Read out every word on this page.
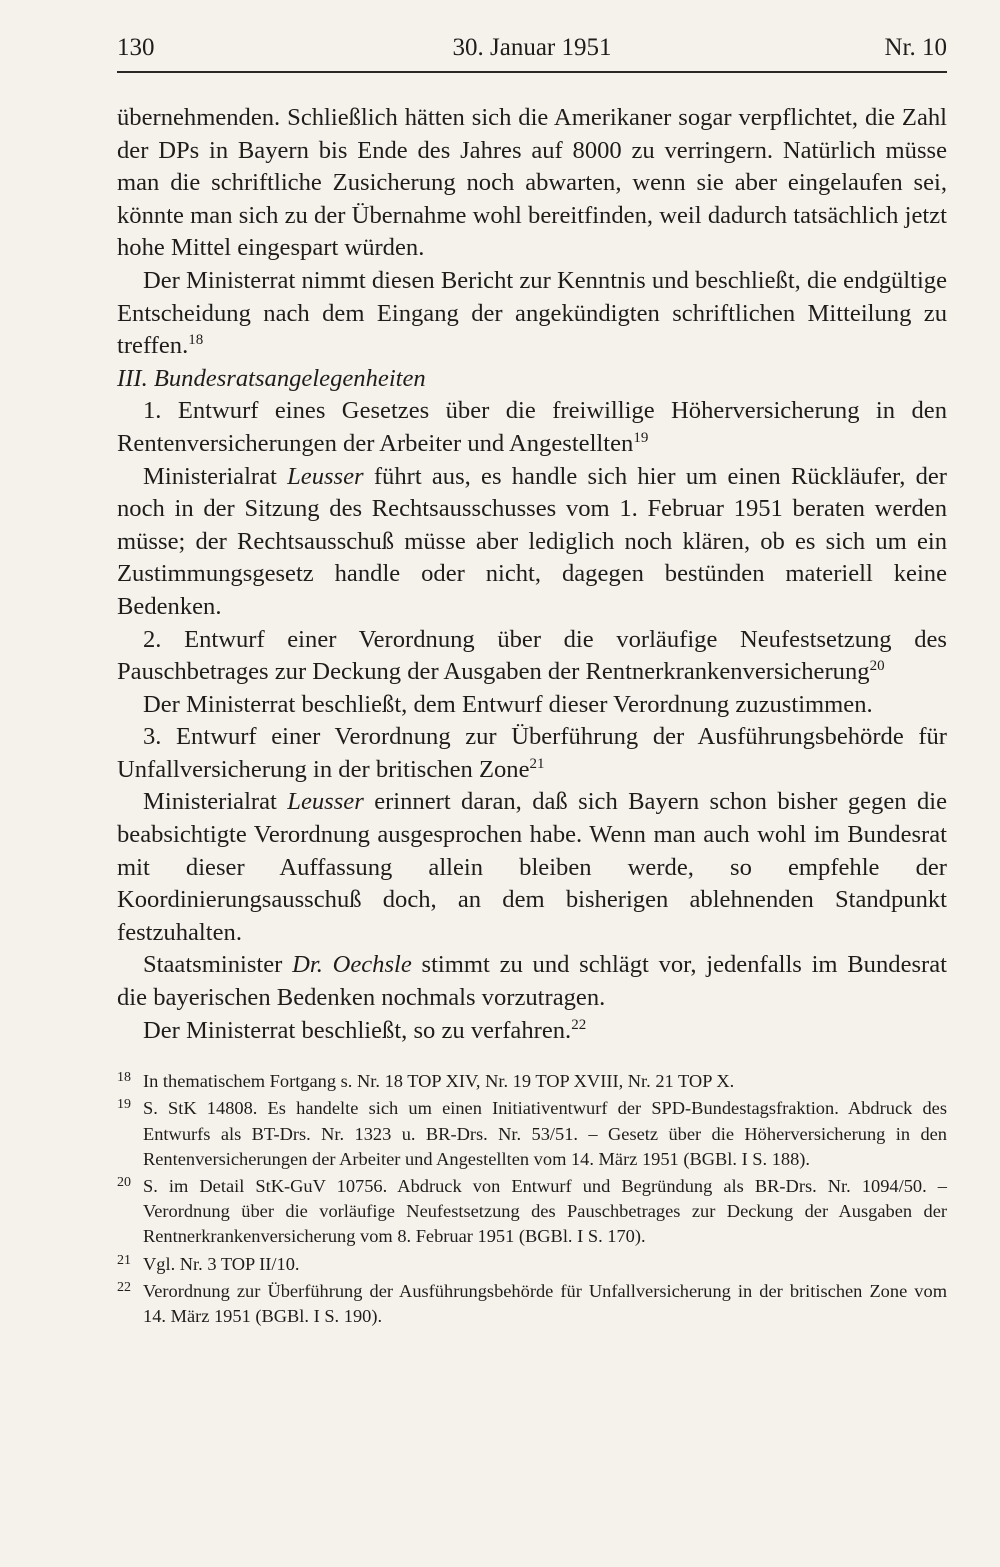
130	30. Januar 1951	Nr. 10

übernehmenden. Schließlich hätten sich die Amerikaner sogar verpflichtet, die Zahl der DPs in Bayern bis Ende des Jahres auf 8000 zu verringern. Natürlich müsse man die schriftliche Zusicherung noch abwarten, wenn sie aber eingelaufen sei, könnte man sich zu der Übernahme wohl bereitfinden, weil dadurch tatsächlich jetzt hohe Mittel eingespart würden.

Der Ministerrat nimmt diesen Bericht zur Kenntnis und beschließt, die endgültige Entscheidung nach dem Eingang der angekündigten schriftlichen Mitteilung zu treffen.$^{18}$

III. Bundesratsangelegenheiten

1. Entwurf eines Gesetzes über die freiwillige Höherversicherung in den Rentenversicherungen der Arbeiter und Angestellten$^{19}$

Ministerialrat Leusser führt aus, es handle sich hier um einen Rückläufer, der noch in der Sitzung des Rechtsausschusses vom 1. Februar 1951 beraten werden müsse; der Rechtsausschuß müsse aber lediglich noch klären, ob es sich um ein Zustimmungsgesetz handle oder nicht, dagegen bestünden materiell keine Bedenken.

2. Entwurf einer Verordnung über die vorläufige Neufestsetzung des Pauschbetrages zur Deckung der Ausgaben der Rentnerkrankenversicherung$^{20}$

Der Ministerrat beschließt, dem Entwurf dieser Verordnung zuzustimmen.

3. Entwurf einer Verordnung zur Überführung der Ausführungsbehörde für Unfallversicherung in der britischen Zone$^{21}$

Ministerialrat Leusser erinnert daran, daß sich Bayern schon bisher gegen die beabsichtigte Verordnung ausgesprochen habe. Wenn man auch wohl im Bundesrat mit dieser Auffassung allein bleiben werde, so empfehle der Koordinierungsausschuß doch, an dem bisherigen ablehnenden Standpunkt festzuhalten.

Staatsminister Dr. Oechsle stimmt zu und schlägt vor, jedenfalls im Bundesrat die bayerischen Bedenken nochmals vorzutragen.

Der Ministerrat beschließt, so zu verfahren.$^{22}$

18 In thematischem Fortgang s. Nr. 18 TOP XIV, Nr. 19 TOP XVIII, Nr. 21 TOP X.
19 S. StK 14808. Es handelte sich um einen Initiativentwurf der SPD-Bundestagsfraktion. Abdruck des Entwurfs als BT-Drs. Nr. 1323 u. BR-Drs. Nr. 53/51. – Gesetz über die Höherversicherung in den Rentenversicherungen der Arbeiter und Angestellten vom 14. März 1951 (BGBl. I S. 188).
20 S. im Detail StK-GuV 10756. Abdruck von Entwurf und Begründung als BR-Drs. Nr. 1094/50. – Verordnung über die vorläufige Neufestsetzung des Pauschbetrages zur Deckung der Ausgaben der Rentnerkrankenversicherung vom 8. Februar 1951 (BGBl. I S. 170).
21 Vgl. Nr. 3 TOP II/10.
22 Verordnung zur Überführung der Ausführungsbehörde für Unfallversicherung in der britischen Zone vom 14. März 1951 (BGBl. I S. 190).
